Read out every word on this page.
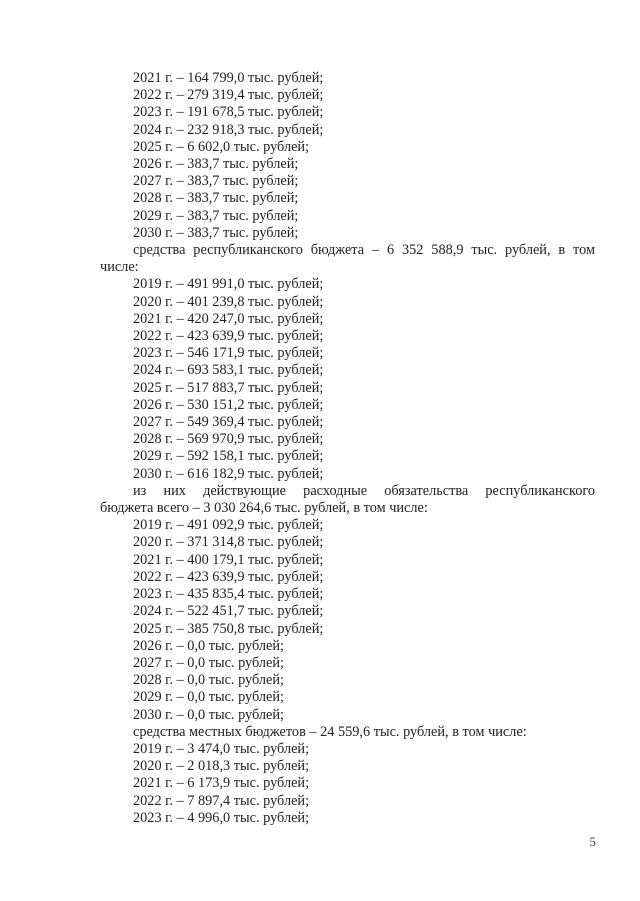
2021 г. – 164 799,0 тыс. рублей;
2022 г. – 279 319,4 тыс. рублей;
2023 г. – 191 678,5 тыс. рублей;
2024 г. – 232 918,3 тыс. рублей;
2025 г. – 6 602,0 тыс. рублей;
2026 г. – 383,7 тыс. рублей;
2027 г. – 383,7 тыс. рублей;
2028 г. – 383,7 тыс. рублей;
2029 г. – 383,7 тыс. рублей;
2030 г. – 383,7 тыс. рублей;
средства республиканского бюджета – 6 352 588,9 тыс. рублей, в том
числе:
2019 г. – 491 991,0 тыс. рублей;
2020 г. – 401 239,8 тыс. рублей;
2021 г. – 420 247,0 тыс. рублей;
2022 г. – 423 639,9 тыс. рублей;
2023 г. – 546 171,9 тыс. рублей;
2024 г. – 693 583,1 тыс. рублей;
2025 г. – 517 883,7 тыс. рублей;
2026 г. – 530 151,2 тыс. рублей;
2027 г. – 549 369,4 тыс. рублей;
2028 г. – 569 970,9 тыс. рублей;
2029 г. – 592 158,1 тыс. рублей;
2030 г. – 616 182,9 тыс. рублей;
из них действующие расходные обязательства республиканского
бюджета всего – 3 030 264,6 тыс. рублей, в том числе:
2019 г. – 491 092,9 тыс. рублей;
2020 г. – 371 314,8 тыс. рублей;
2021 г. – 400 179,1 тыс. рублей;
2022 г. – 423 639,9 тыс. рублей;
2023 г. – 435 835,4 тыс. рублей;
2024 г. – 522 451,7 тыс. рублей;
2025 г. – 385 750,8 тыс. рублей;
2026 г. – 0,0 тыс. рублей;
2027 г. – 0,0 тыс. рублей;
2028 г. – 0,0 тыс. рублей;
2029 г. – 0,0 тыс. рублей;
2030 г. – 0,0 тыс. рублей;
средства местных бюджетов – 24 559,6 тыс. рублей, в том числе:
2019 г. – 3 474,0 тыс. рублей;
2020 г. – 2 018,3 тыс. рублей;
2021 г. – 6 173,9 тыс. рублей;
2022 г. – 7 897,4 тыс. рублей;
2023 г. – 4 996,0 тыс. рублей;
5
